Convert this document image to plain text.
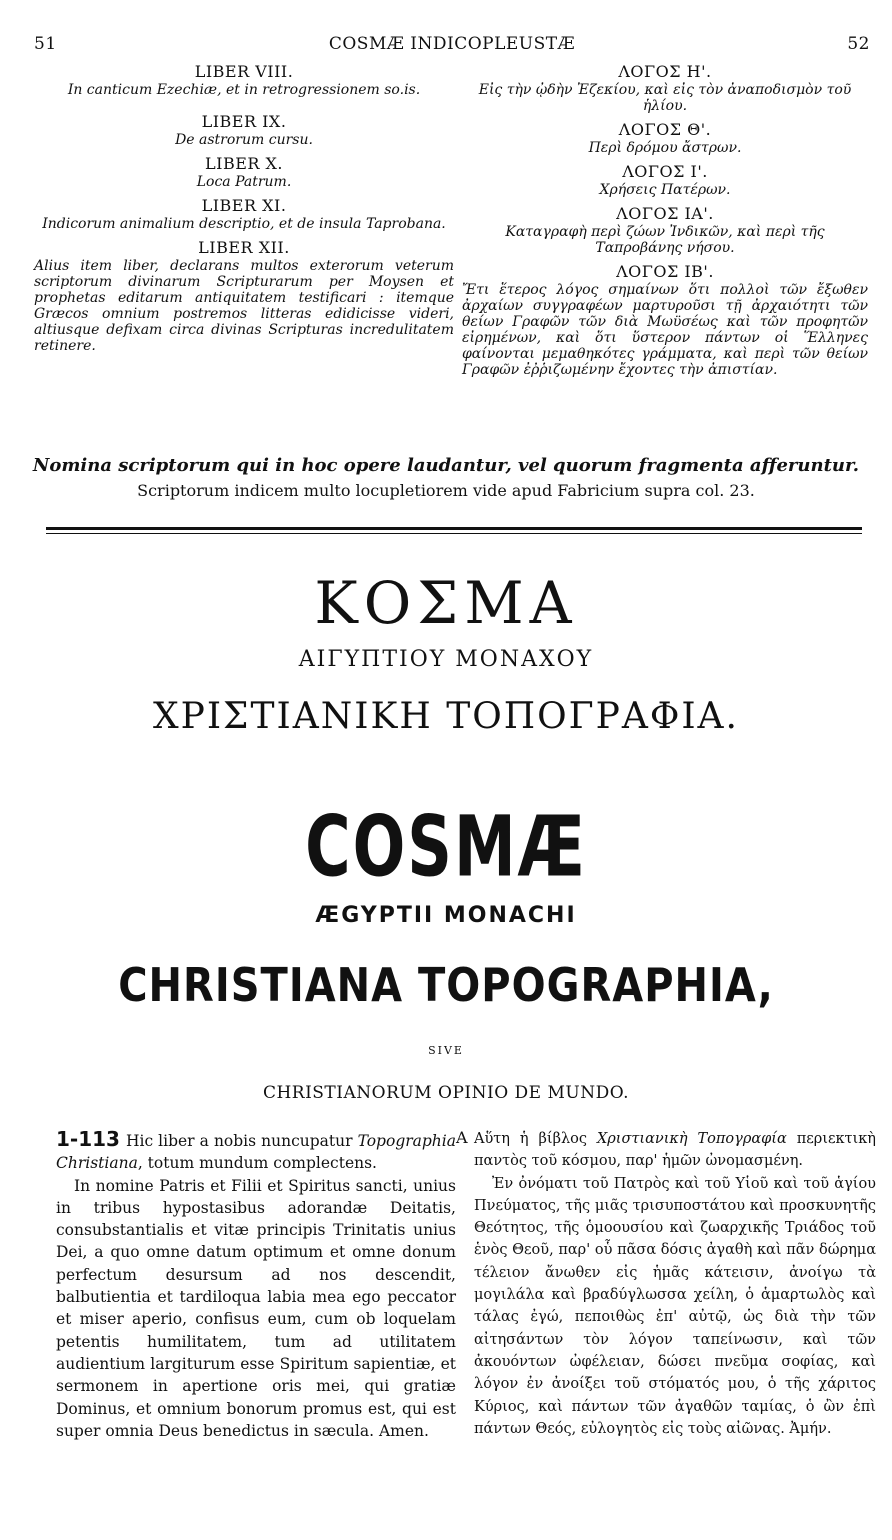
51	COSMÆ INDICOPLEUSTÆ	52

LIBER VIII.

In canticum Ezechiæ, et in retrogressionem so.is.

LIBER IX.

De astrorum cursu.

LIBER X.

Loca Patrum.

LIBER XI.

Indicorum animalium descriptio, et de insula Taprobana.

LIBER XII.

Alius item liber, declarans multos exterorum veterum scriptorum divinarum Scripturarum per Moysen et prophetas editarum antiquitatem testificari : itemque Græcos omnium postremos litteras edidicisse videri, altiusque defixam circa divinas Scripturas incredulitatem retinere.

ΛΟΓΟΣ Η'.

Εἰς τὴν ᾠδὴν Ἐζεκίου, καὶ εἰς τὸν ἀναποδισμὸν τοῦ ἡλίου.

ΛΟΓΟΣ Θ'.

Περὶ δρόμου ἄστρων.

ΛΟΓΟΣ Ι'.

Χρήσεις Πατέρων.

ΛΟΓΟΣ ΙΑ'.

Καταγραφὴ περὶ ζώων Ἰνδικῶν, καὶ περὶ τῆς Ταπροβάνης νήσου.

ΛΟΓΟΣ ΙΒ'.

Ἔτι ἕτερος λόγος σημαίνων ὅτι πολλοὶ τῶν ἔξωθεν ἀρχαίων συγγραφέων μαρτυροῦσι τῇ ἀρχαιότητι τῶν θείων Γραφῶν τῶν διὰ Μωϋσέως καὶ τῶν προφητῶν εἰρημένων, καὶ ὅτι ὕστερον πάντων οἱ Ἕλληνες φαίνονται μεμαθηκότες γράμματα, καὶ περὶ τῶν θείων Γραφῶν ἐῤῥιζωμένην ἔχοντες τὴν ἀπιστίαν.

Nomina scriptorum qui in hoc opere laudantur, vel quorum fragmenta afferuntur.
Scriptorum indicem multo locupletiorem vide apud Fabricium supra col. 23.
ΚΟΣΜΑ
ΑΙΓΥΠΤΙΟΥ ΜΟΝΑΧΟΥ
ΧΡΙΣΤΙΑΝΙΚΗ ΤΟΠΟΓΡΑΦΙΑ.
COSMÆ
ÆGYPTII MONACHI
CHRISTIANA TOPOGRAPHIA,
SIVE
CHRISTIANORUM OPINIO DE MUNDO.

1-113 Hic liber a nobis nuncupatur Topographia Christiana, totum mundum complectens.

In nomine Patris et Filii et Spiritus sancti, unius in tribus hypostasibus adorandæ Deitatis, consubstantialis et vitæ principis Trinitatis unius Dei, a quo omne datum optimum et omne donum perfectum desursum ad nos descendit, balbutientia et tardiloqua labia mea ego peccator et miser aperio, confisus eum, cum ob loquelam petentis humilitatem, tum ad utilitatem audientium largiturum esse Spiritum sapientiæ, et sermonem in apertione oris mei, qui gratiæ Dominus, et omnium bonorum promus est, qui est super omnia Deus benedictus in sæcula. Amen.

A Αὕτη ἡ βίβλος Χριστιανικὴ Τοπογραφία περιεκτικὴ παντὸς τοῦ κόσμου, παρ' ἡμῶν ὠνομασμένη.

Ἐν ὀνόματι τοῦ Πατρὸς καὶ τοῦ Υἱοῦ καὶ τοῦ ἁγίου Πνεύματος, τῆς μιᾶς τρισυποστάτου καὶ προσκυνητῆς Θεότητος, τῆς ὁμοουσίου καὶ ζωαρχικῆς Τριάδος τοῦ ἑνὸς Θεοῦ, παρ' οὗ πᾶσα δόσις ἀγαθὴ καὶ πᾶν δώρημα τέλειον ἄνωθεν εἰς ἡμᾶς κάτεισιν, ἀνοίγω τὰ μογιλάλα καὶ βραδύγλωσσα χείλη, ὁ ἁμαρτωλὸς καὶ τάλας ἐγώ, πεποιθὼς ἐπ' αὐτῷ, ὡς διὰ τὴν τῶν αἰτησάντων τὸν λόγον ταπείνωσιν, καὶ τῶν ἀκουόντων ὠφέλειαν, δώσει πνεῦμα σοφίας, καὶ λόγον ἐν ἀνοίξει τοῦ στόματός μου, ὁ τῆς χάριτος Κύριος, καὶ πάντων τῶν ἀγαθῶν ταμίας, ὁ ὢν ἐπὶ πάντων Θεός, εὐλογητὸς εἰς τοὺς αἰῶνας. Ἀμήν.
